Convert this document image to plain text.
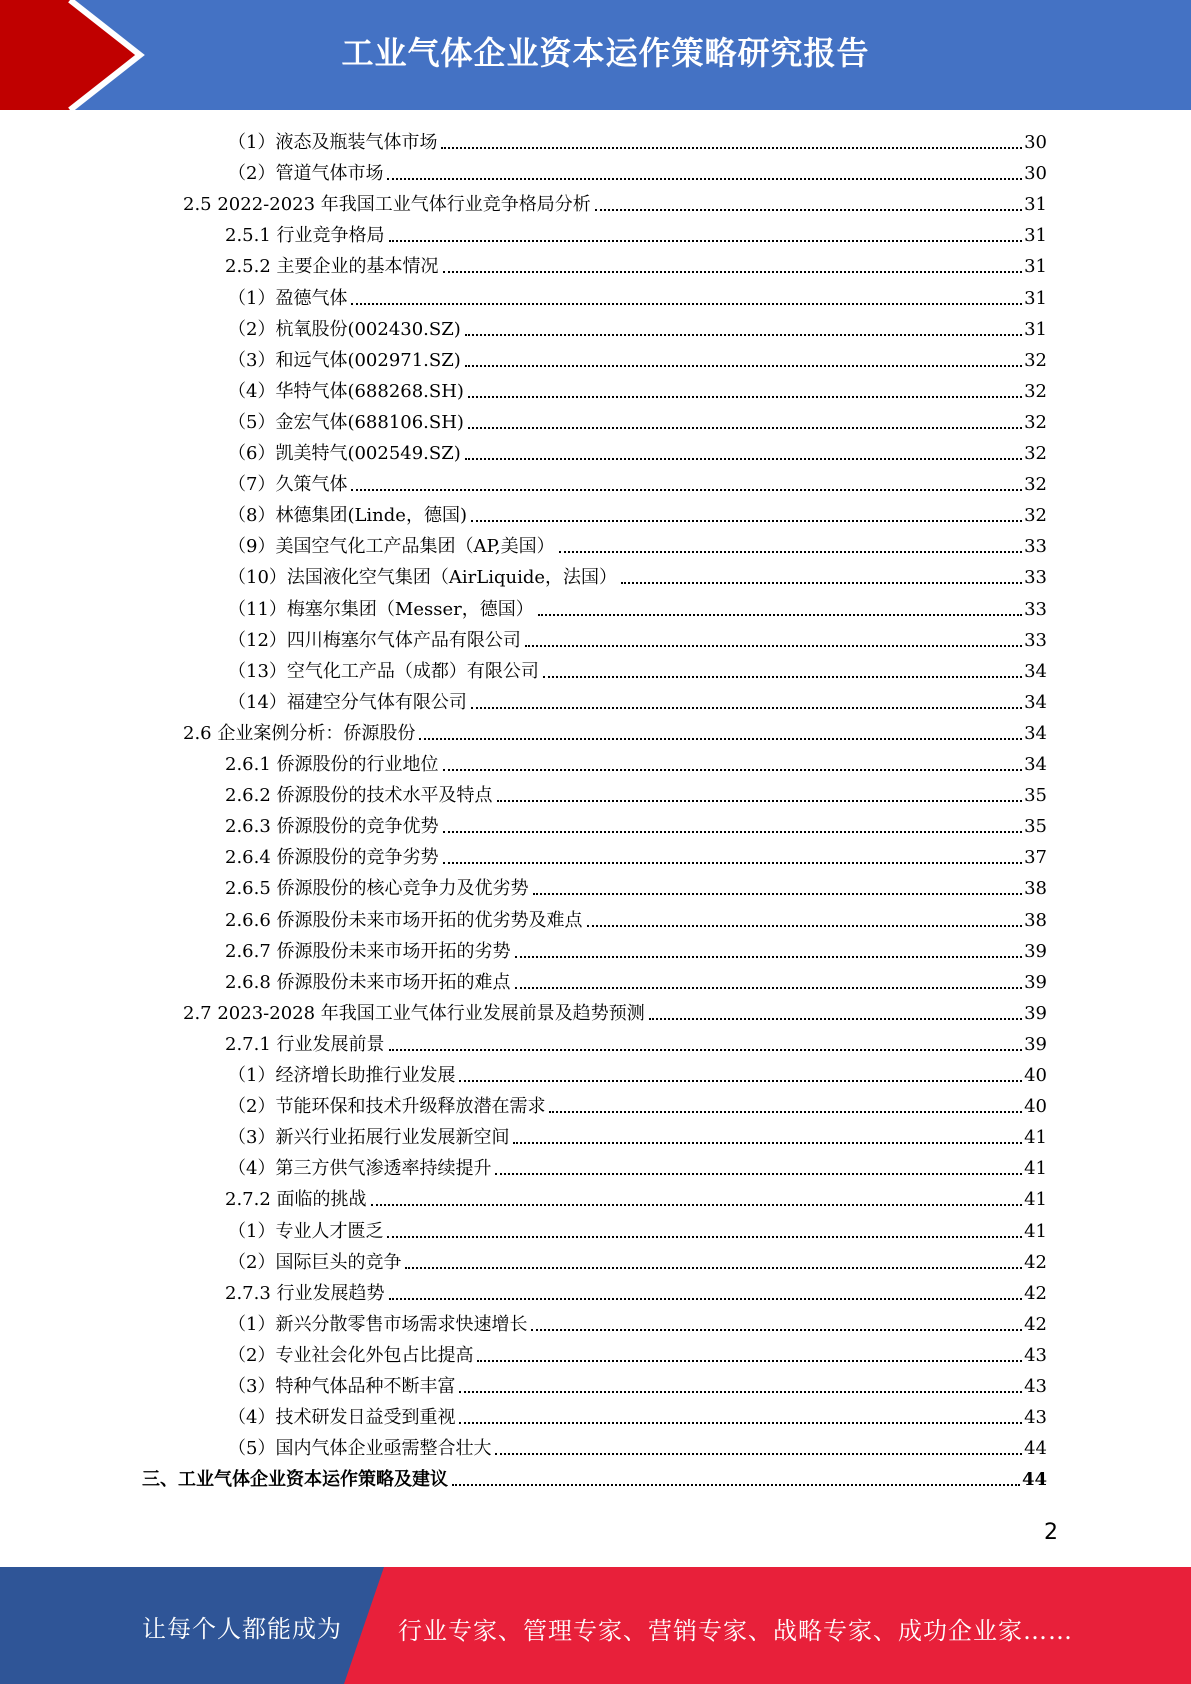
工业气体企业资本运作策略研究报告
（1）液态及瓶装气体市场	30
（2）管道气体市场	30
2.5 2022-2023 年我国工业气体行业竞争格局分析	31
2.5.1 行业竞争格局	31
2.5.2 主要企业的基本情况	31
（1）盈德气体	31
（2）杭氧股份(002430.SZ)	31
（3）和远气体(002971.SZ)	32
（4）华特气体(688268.SH)	32
（5）金宏气体(688106.SH)	32
（6）凯美特气(002549.SZ)	32
（7）久策气体	32
（8）林德集团(Linde，德国)	32
（9）美国空气化工产品集团（AP,美国）	33
（10）法国液化空气集团（AirLiquide，法国）	33
（11）梅塞尔集团（Messer，德国）	33
（12）四川梅塞尔气体产品有限公司	33
（13）空气化工产品（成都）有限公司	34
（14）福建空分气体有限公司	34
2.6 企业案例分析：侨源股份	34
2.6.1 侨源股份的行业地位	34
2.6.2 侨源股份的技术水平及特点	35
2.6.3 侨源股份的竞争优势	35
2.6.4 侨源股份的竞争劣势	37
2.6.5 侨源股份的核心竞争力及优劣势	38
2.6.6 侨源股份未来市场开拓的优劣势及难点	38
2.6.7 侨源股份未来市场开拓的劣势	39
2.6.8 侨源股份未来市场开拓的难点	39
2.7 2023-2028 年我国工业气体行业发展前景及趋势预测	39
2.7.1 行业发展前景	39
（1）经济增长助推行业发展	40
（2）节能环保和技术升级释放潜在需求	40
（3）新兴行业拓展行业发展新空间	41
（4）第三方供气渗透率持续提升	41
2.7.2 面临的挑战	41
（1）专业人才匮乏	41
（2）国际巨头的竞争	42
2.7.3 行业发展趋势	42
（1）新兴分散零售市场需求快速增长	42
（2）专业社会化外包占比提高	43
（3）特种气体品种不断丰富	43
（4）技术研发日益受到重视	43
（5）国内气体企业亟需整合壮大	44
三、工业气体企业资本运作策略及建议	44
2
让每个人都能成为 行业专家、管理专家、营销专家、战略专家、成功企业家……
